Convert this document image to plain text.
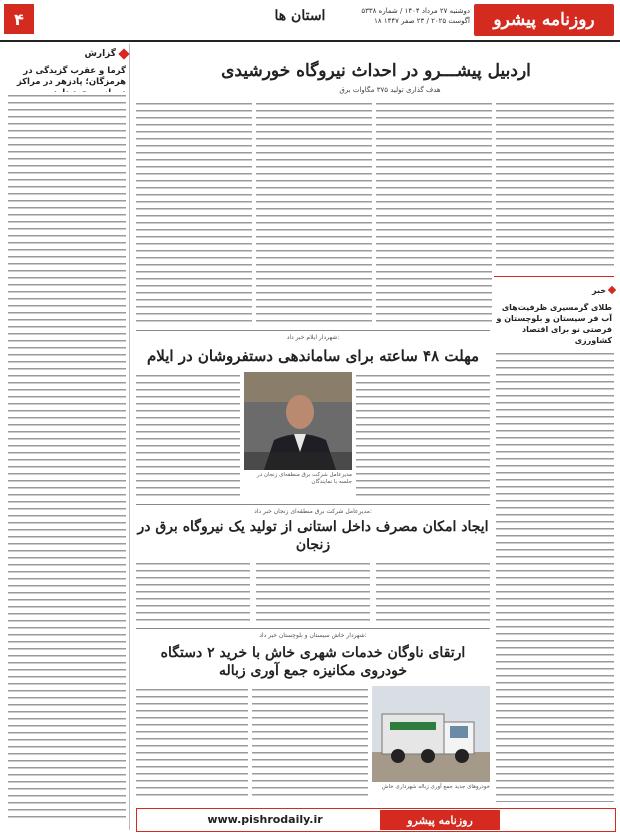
۴	استان ها	دوشنبه ۲۷ مرداد ۱۴۰۴ / شماره ۵۳۳۸
۱۸ آگوست ۲۰۲۵ / ۲۳ صفر ۱۴۴۷	روزنامه پیشرو
گزارش
گرما و عقرب گزیدگی در هرمزگان؛ پادزهر در مراکز
اردبیل پیشـــرو در احداث نیروگاه خورشیدی
هدف گذاری تولید ۳۷۵ مگاوات برق
خبر
طلای گرمسیری ظرفیت‌های آب فر‌ سیستان و بلوچستان و فرصتی نو برای اقتصاد کشاورزی
شهردار ایلام خبر داد:
مهلت ۴۸ ساعته برای ساماندهی دستفروشان در ایلام
مدیرعامل شرکت برق منطقه‌ای زنجان در جلسه با نمایندگان
مدیرعامل شرکت برق منطقه‌ای زنجان خبر داد:
ایجاد امکان مصرف داخل استانی از تولید یک نیروگاه برق در زنجان
شهردار خاش سیستان و بلوچستان خبر داد:
ارتقای ناوگان خدمات شهری خاش با خرید ۲ دستگاه خودروی مکانیزه جمع آوری زباله
خودروهای جدید جمع آوری زباله شهرداری خاش
www.pishrodaily.ir	روزنامه پیشرو
